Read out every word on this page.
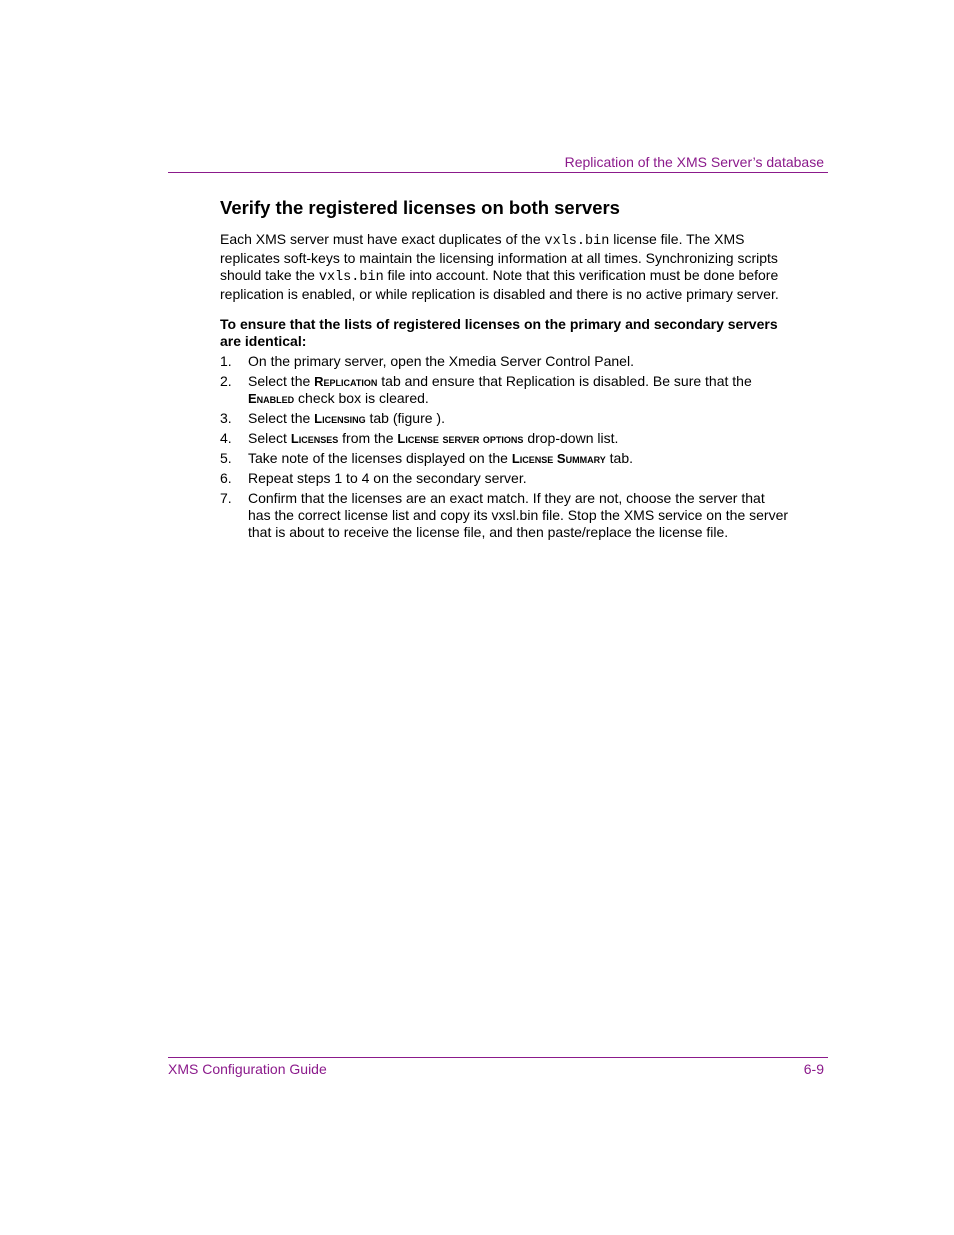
Replication of the XMS Server’s database
Verify the registered licenses on both servers

Each XMS server must have exact duplicates of the vxls.bin license file. The XMS replicates soft-keys to maintain the licensing information at all times. Synchronizing scripts should take the vxls.bin file into account. Note that this verification must be done before replication is enabled, or while replication is disabled and there is no active primary server.

To ensure that the lists of registered licenses on the primary and secondary servers are identical:

1. On the primary server, open the Xmedia Server Control Panel.
2. Select the Replication tab and ensure that Replication is disabled. Be sure that the Enabled check box is cleared.
3. Select the Licensing tab (figure ).
4. Select Licenses from the License server options drop-down list.
5. Take note of the licenses displayed on the License Summary tab.
6. Repeat steps 1 to 4 on the secondary server.
7. Confirm that the licenses are an exact match. If they are not, choose the server that has the correct license list and copy its vxsl.bin file. Stop the XMS service on the server that is about to receive the license file, and then paste/replace the license file.
XMS Configuration Guide	6-9
